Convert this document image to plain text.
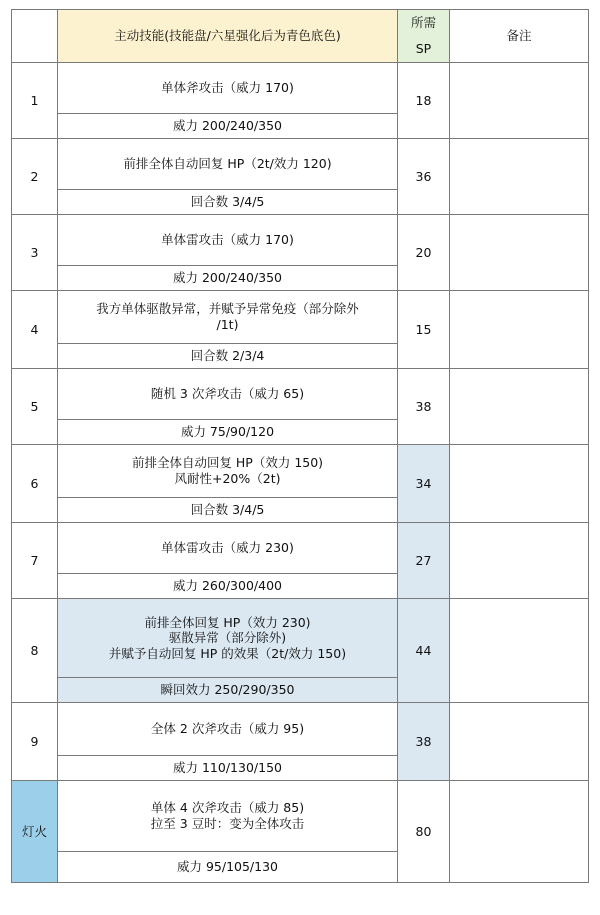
	主动技能(技能盘/六星强化后为青色底色)	所需
SP	备注
1	单体斧攻击（威力 170)	18	
	威力 200/240/350		
2	前排全体自动回复 HP（2t/效力 120)	36	
	回合数 3/4/5		
3	单体雷攻击（威力 170)	20	
	威力 200/240/350		
4	我方单体驱散异常，并赋予异常免疫（部分除外
/1t)	15	
	回合数 2/3/4		
5	随机 3 次斧攻击（威力 65)	38	
	威力 75/90/120		
6	前排全体自动回复 HP（效力 150)
风耐性+20%（2t)	34	
	回合数 3/4/5		
7	单体雷攻击（威力 230)	27	
	威力 260/300/400		
8	前排全体回复 HP（效力 230)
驱散异常（部分除外)
并赋予自动回复 HP 的效果（2t/效力 150)	44	
	瞬回效力 250/290/350		
9	全体 2 次斧攻击（威力 95)	38	
	威力 110/130/150		
灯火	单体 4 次斧攻击（威力 85)
拉至 3 豆时：变为全体攻击	80	
	威力 95/105/130		
